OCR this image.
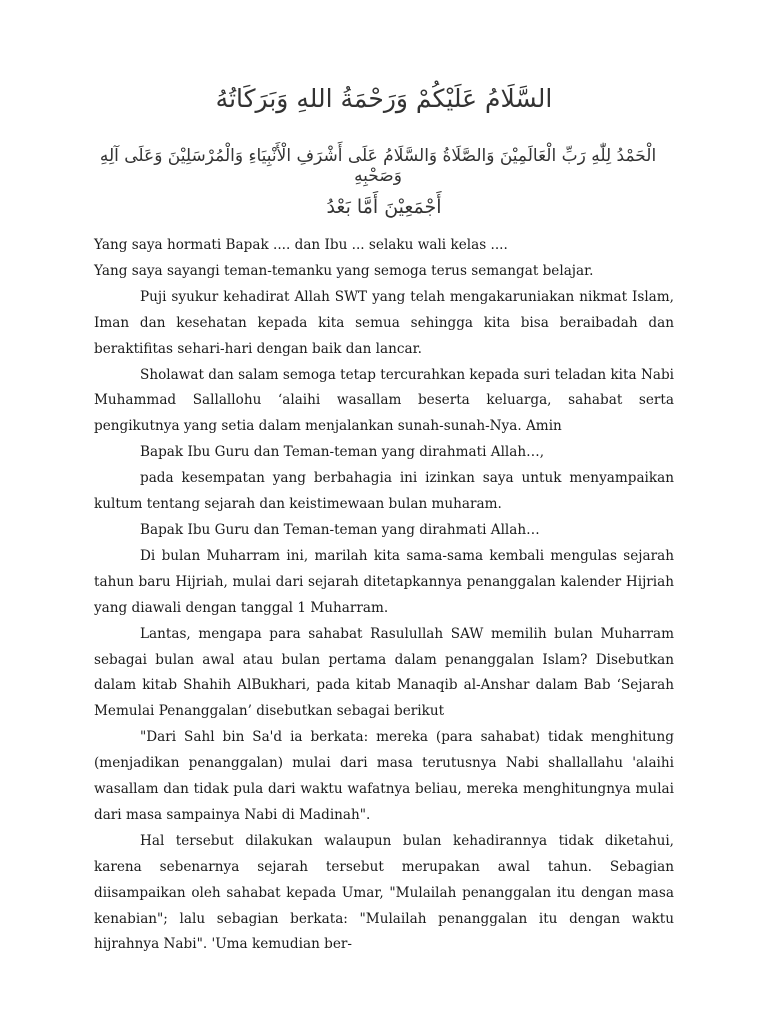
السَّلَامُ عَلَيْكُمْ وَرَحْمَةُ اللهِ وَبَرَكَاتُهُ
الْحَمْدُ لِلّٰهِ رَبِّ الْعَالَمِيْنَ وَالصَّلَاةُ وَالسَّلَامُ عَلَى أَشْرَفِ الْأَنْبِيَاءِ وَالْمُرْسَلِيْنَ وَعَلَى آلِهِ وَصَحْبِهِ
أَجْمَعِيْنَ أَمَّا بَعْدُ

Yang saya hormati Bapak .... dan Ibu ... selaku wali kelas ....

Yang saya sayangi teman-temanku yang semoga terus semangat belajar.

Puji syukur kehadirat Allah SWT yang telah mengakaruniakan nikmat Islam, Iman dan kesehatan kepada kita semua sehingga kita bisa beraibadah dan beraktifitas sehari-hari dengan baik dan lancar.

Sholawat dan salam semoga tetap tercurahkan kepada suri teladan kita Nabi Muhammad Sallallohu ‘alaihi wasallam beserta keluarga, sahabat serta pengikutnya yang setia dalam menjalankan sunah-sunah-Nya. Amin

Bapak Ibu Guru dan Teman-teman yang dirahmati Allah…,

pada kesempatan yang berbahagia ini izinkan saya untuk menyampaikan kultum tentang sejarah dan keistimewaan bulan muharam.

Bapak Ibu Guru dan Teman-teman yang dirahmati Allah…

Di bulan Muharram ini, marilah kita sama-sama kembali mengulas sejarah tahun baru Hijriah, mulai dari sejarah ditetapkannya penanggalan kalender Hijriah yang diawali dengan tanggal 1 Muharram.

Lantas, mengapa para sahabat Rasulullah SAW memilih bulan Muharram sebagai bulan awal atau bulan pertama dalam penanggalan Islam? Disebutkan dalam kitab Shahih AlBukhari, pada kitab Manaqib al-Anshar dalam Bab ‘Sejarah Memulai Penanggalan’ disebutkan sebagai berikut

"Dari Sahl bin Sa'd ia berkata: mereka (para sahabat) tidak menghitung (menjadikan penanggalan) mulai dari masa terutusnya Nabi shallallahu 'alaihi wasallam dan tidak pula dari waktu wafatnya beliau, mereka menghitungnya mulai dari masa sampainya Nabi di Madinah".

Hal tersebut dilakukan walaupun bulan kehadirannya tidak diketahui, karena sebenarnya sejarah tersebut merupakan awal tahun. Sebagian diisampaikan oleh sahabat kepada Umar, "Mulailah penanggalan itu dengan masa kenabian"; lalu sebagian berkata: "Mulailah penanggalan itu dengan waktu hijrahnya Nabi". 'Uma kemudian ber-
